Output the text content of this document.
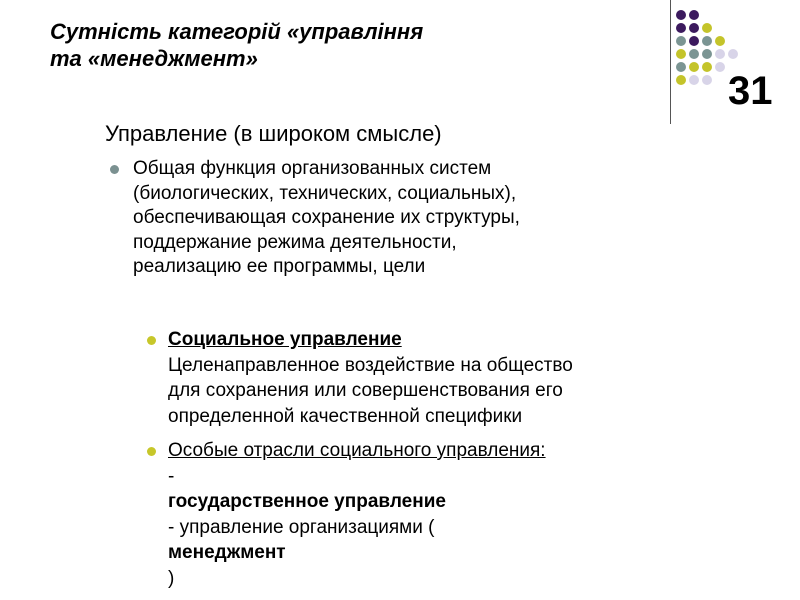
Сутність категорій «управління
та «менеджмент»
31
Управление (в широком смысле)
Общая функция организованных систем
(биологических, технических, социальных),
обеспечивающая сохранение их структуры,
поддержание режима деятельности,
реализацию ее программы, цели
Социальное управление
Целенаправленное воздействие на общество
для сохранения или совершенствования его
определенной качественной специфики
Особые отрасли социального управления:
-
государственное управление
- управление организациями (
менеджмент
)
